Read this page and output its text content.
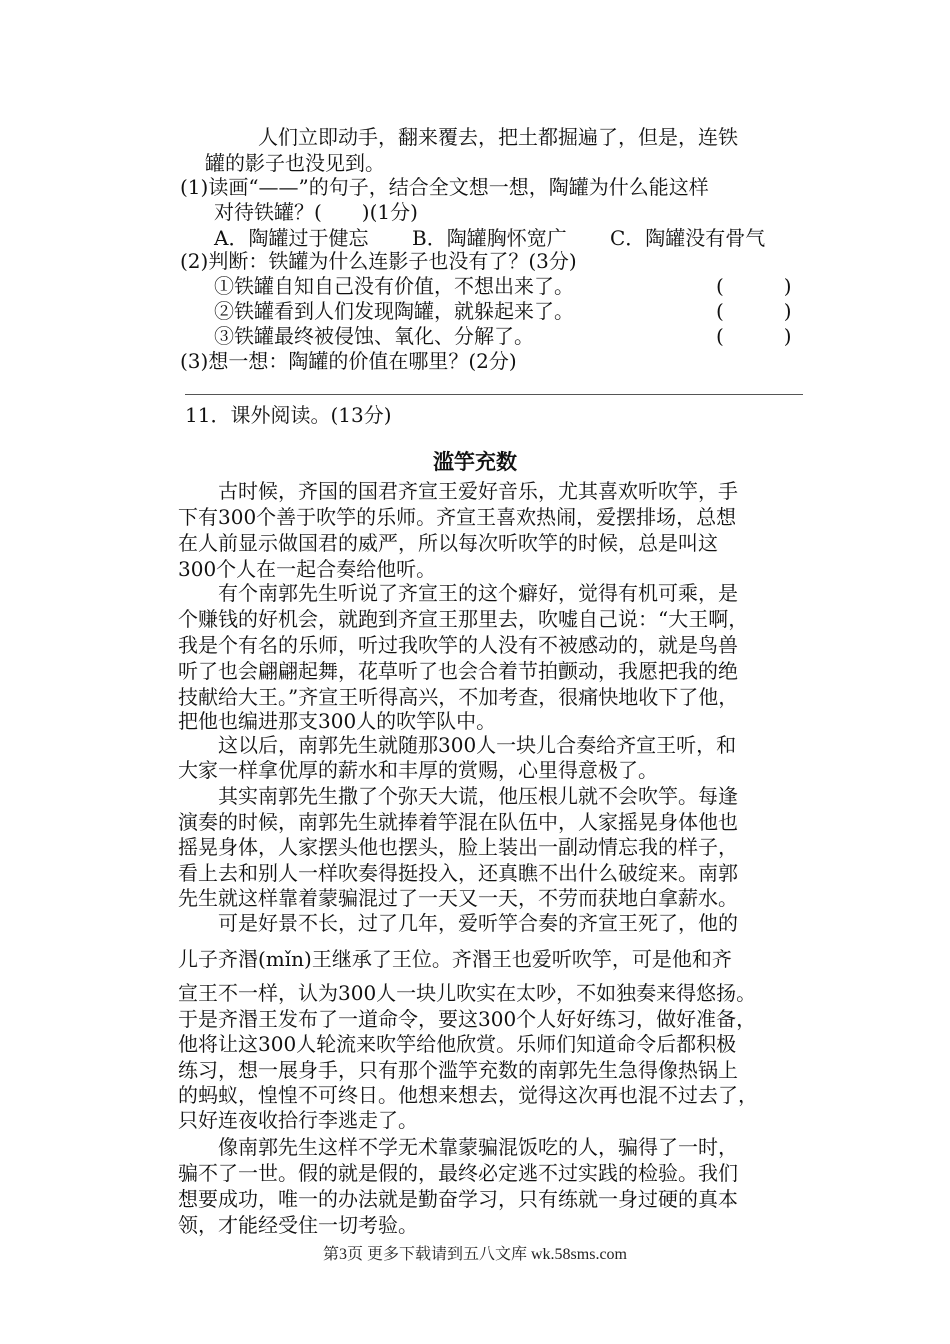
人们立即动手，翻来覆去，把土都掘遍了，但是，连铁
罐的影子也没见到。
(1)读画“——”的句子，结合全文想一想，陶罐为什么能这样
对待铁罐？(　　)(1分)
A．陶罐过于健忘 B．陶罐胸怀宽广 C．陶罐没有骨气
(2)判断：铁罐为什么连影子也没有了？(3分)
①铁罐自知自己没有价值，不想出来了。	(　　　)
②铁罐看到人们发现陶罐，就躲起来了。	(　　　)
③铁罐最终被侵蚀、氧化、分解了。	(　　　)
(3)想一想：陶罐的价值在哪里？(2分)
11．课外阅读。(13分)
滥竽充数
古时候，齐国的国君齐宣王爱好音乐，尤其喜欢听吹竽，手
下有300个善于吹竽的乐师。齐宣王喜欢热闹，爱摆排场，总想
在人前显示做国君的威严，所以每次听吹竽的时候，总是叫这
300个人在一起合奏给他听。
有个南郭先生听说了齐宣王的这个癖好，觉得有机可乘，是
个赚钱的好机会，就跑到齐宣王那里去，吹嘘自己说：“大王啊，
我是个有名的乐师，听过我吹竽的人没有不被感动的，就是鸟兽
听了也会翩翩起舞，花草听了也会合着节拍颤动，我愿把我的绝
技献给大王。”齐宣王听得高兴，不加考查，很痛快地收下了他，
把他也编进那支300人的吹竽队中。
这以后，南郭先生就随那300人一块儿合奏给齐宣王听，和
大家一样拿优厚的薪水和丰厚的赏赐，心里得意极了。
其实南郭先生撒了个弥天大谎，他压根儿就不会吹竽。每逢
演奏的时候，南郭先生就捧着竽混在队伍中，人家摇晃身体他也
摇晃身体，人家摆头他也摆头，脸上装出一副动情忘我的样子，
看上去和别人一样吹奏得挺投入，还真瞧不出什么破绽来。南郭
先生就这样靠着蒙骗混过了一天又一天，不劳而获地白拿薪水。
可是好景不长，过了几年，爱听竽合奏的齐宣王死了，他的
儿子齐湣(mǐn)王继承了王位。齐湣王也爱听吹竽，可是他和齐
宣王不一样，认为300人一块儿吹实在太吵，不如独奏来得悠扬。
于是齐湣王发布了一道命令，要这300个人好好练习，做好准备，
他将让这300人轮流来吹竽给他欣赏。乐师们知道命令后都积极
练习，想一展身手，只有那个滥竽充数的南郭先生急得像热锅上
的蚂蚁，惶惶不可终日。他想来想去，觉得这次再也混不过去了，
只好连夜收拾行李逃走了。
像南郭先生这样不学无术靠蒙骗混饭吃的人，骗得了一时，
骗不了一世。假的就是假的，最终必定逃不过实践的检验。我们
想要成功，唯一的办法就是勤奋学习，只有练就一身过硬的真本
领，才能经受住一切考验。
第3页 更多下载请到五八文库 wk.58sms.com
